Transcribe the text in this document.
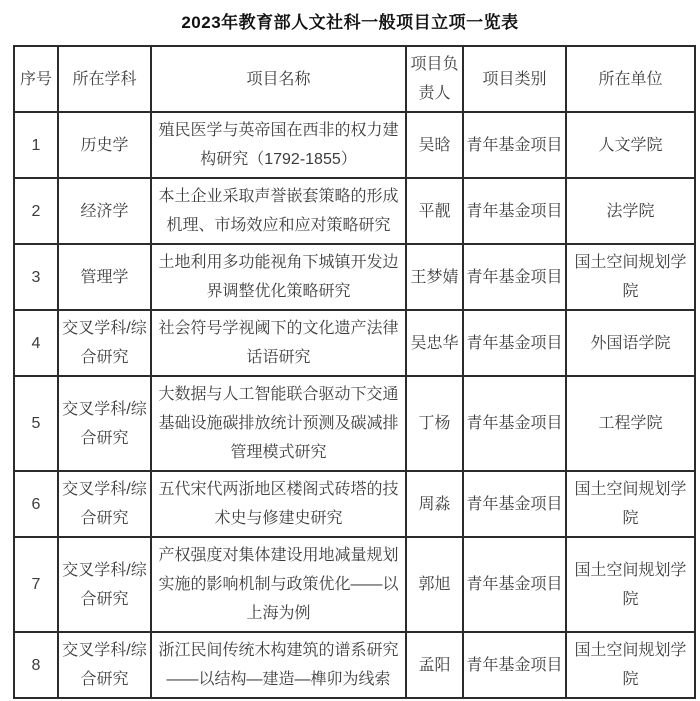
2023年教育部人文社科一般项目立项一览表
序号	所在学科	项目名称	项目负责人	项目类别	所在单位
1	历史学	殖民医学与英帝国在西非的权力建构研究（1792-1855）	吴晗	青年基金项目	人文学院
2	经济学	本土企业采取声誉嵌套策略的形成机理、市场效应和应对策略研究	平靓	青年基金项目	法学院
3	管理学	土地利用多功能视角下城镇开发边界调整优化策略研究	王梦婧	青年基金项目	国土空间规划学院
4	交叉学科/综合研究	社会符号学视阈下的文化遗产法律话语研究	吴忠华	青年基金项目	外国语学院
5	交叉学科/综合研究	大数据与人工智能联合驱动下交通基础设施碳排放统计预测及碳减排管理模式研究	丁杨	青年基金项目	工程学院
6	交叉学科/综合研究	五代宋代两浙地区楼阁式砖塔的技术史与修建史研究	周淼	青年基金项目	国土空间规划学院
7	交叉学科/综合研究	产权强度对集体建设用地减量规划实施的影响机制与政策优化——以上海为例	郭旭	青年基金项目	国土空间规划学院
8	交叉学科/综合研究	浙江民间传统木构建筑的谱系研究——以结构—建造—榫卯为线索	孟阳	青年基金项目	国土空间规划学院
